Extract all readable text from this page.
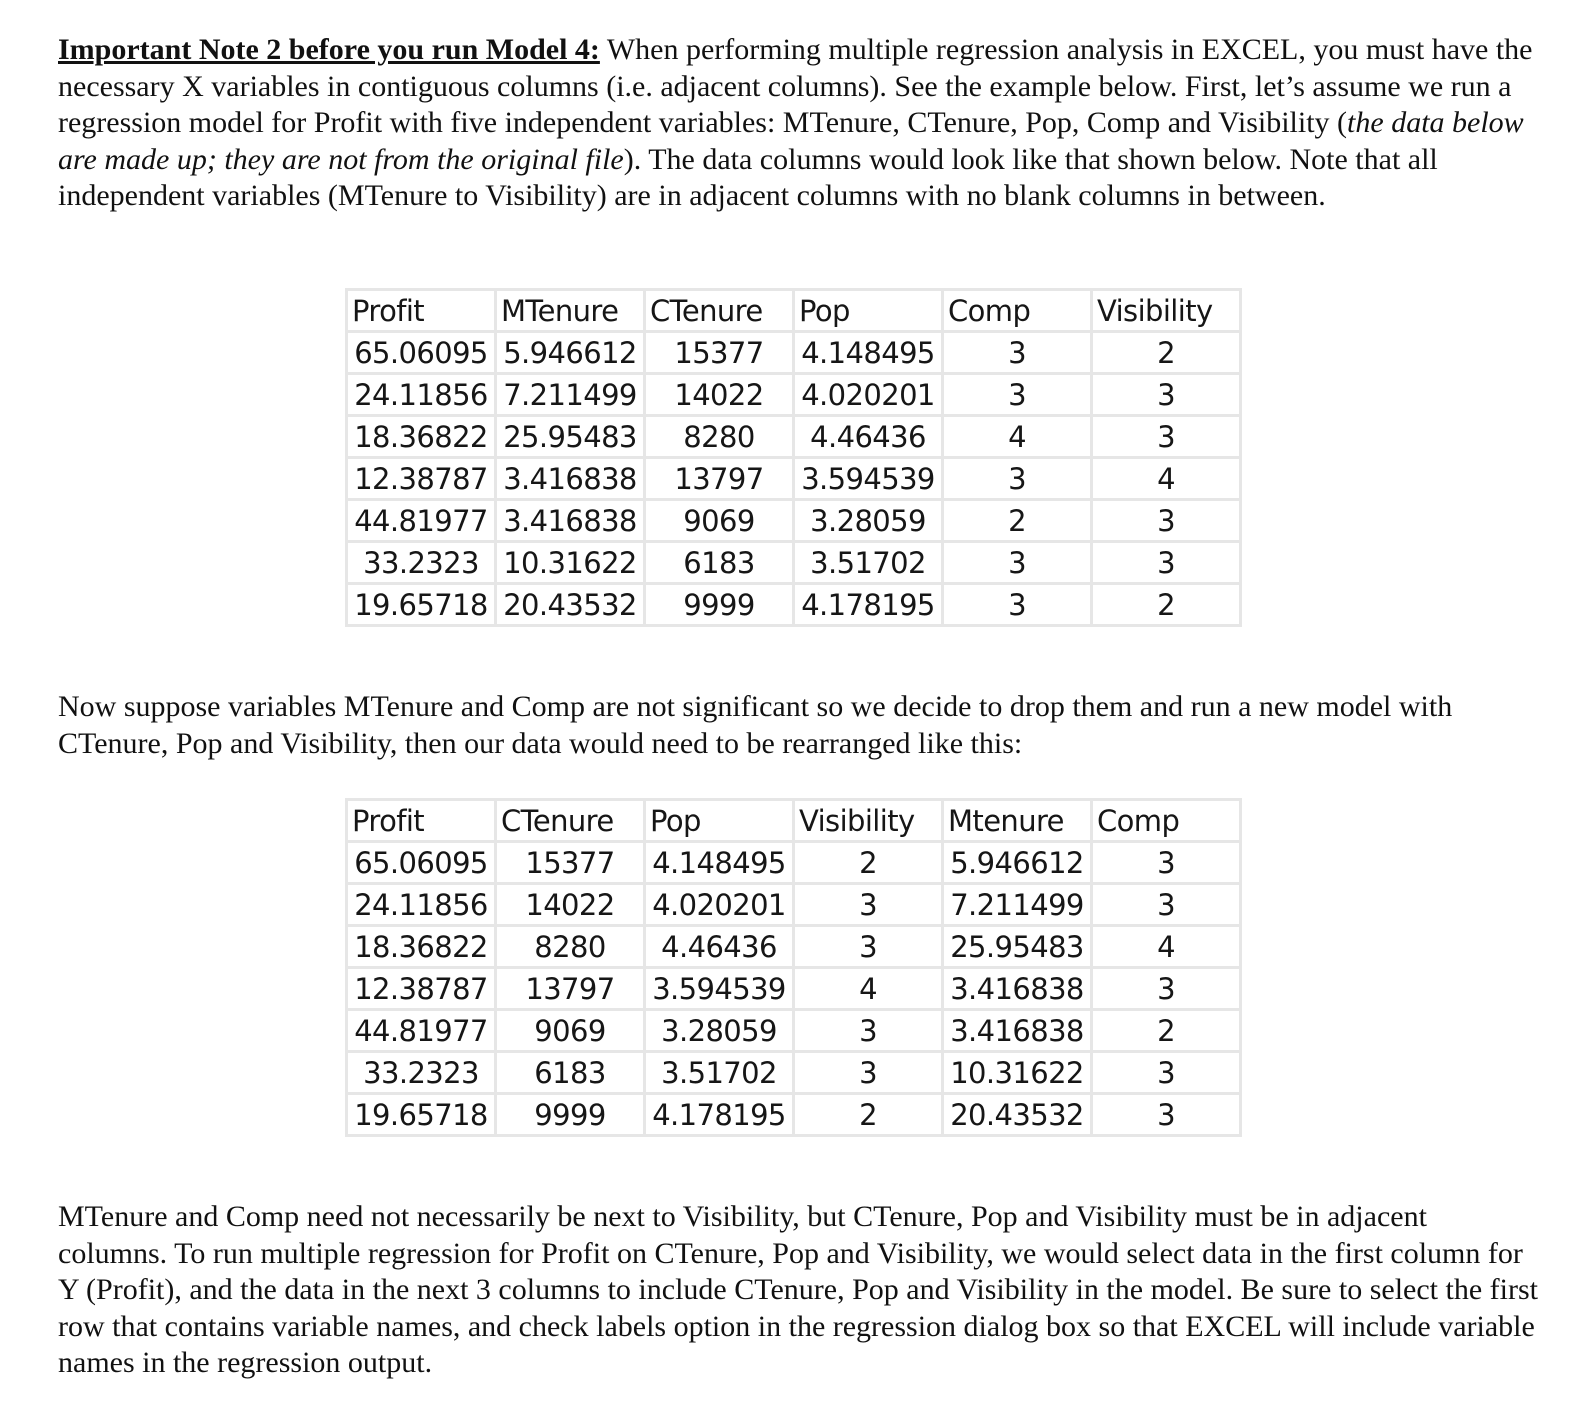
Important Note 2 before you run Model 4: When performing multiple regression analysis in EXCEL, you must have the necessary X variables in contiguous columns (i.e. adjacent columns). See the example below. First, let’s assume we run a regression model for Profit with five independent variables: MTenure, CTenure, Pop, Comp and Visibility (the data below are made up; they are not from the original file). The data columns would look like that shown below. Note that all independent variables (MTenure to Visibility) are in adjacent columns with no blank columns in between.

Profit	MTenure	CTenure	Pop	Comp	Visibility
65.06095	5.946612	15377	4.148495	3	2
24.11856	7.211499	14022	4.020201	3	3
18.36822	25.95483	8280	4.46436	4	3
12.38787	3.416838	13797	3.594539	3	4
44.81977	3.416838	9069	3.28059	2	3
33.2323	10.31622	6183	3.51702	3	3
19.65718	20.43532	9999	4.178195	3	2

Now suppose variables MTenure and Comp are not significant so we decide to drop them and run a new model with CTenure, Pop and Visibility, then our data would need to be rearranged like this:

Profit	CTenure	Pop	Visibility	Mtenure	Comp
65.06095	15377	4.148495	2	5.946612	3
24.11856	14022	4.020201	3	7.211499	3
18.36822	8280	4.46436	3	25.95483	4
12.38787	13797	3.594539	4	3.416838	3
44.81977	9069	3.28059	3	3.416838	2
33.2323	6183	3.51702	3	10.31622	3
19.65718	9999	4.178195	2	20.43532	3

MTenure and Comp need not necessarily be next to Visibility, but CTenure, Pop and Visibility must be in adjacent columns. To run multiple regression for Profit on CTenure, Pop and Visibility, we would select data in the first column for Y (Profit), and the data in the next 3 columns to include CTenure, Pop and Visibility in the model. Be sure to select the first row that contains variable names, and check labels option in the regression dialog box so that EXCEL will include variable names in the regression output.
